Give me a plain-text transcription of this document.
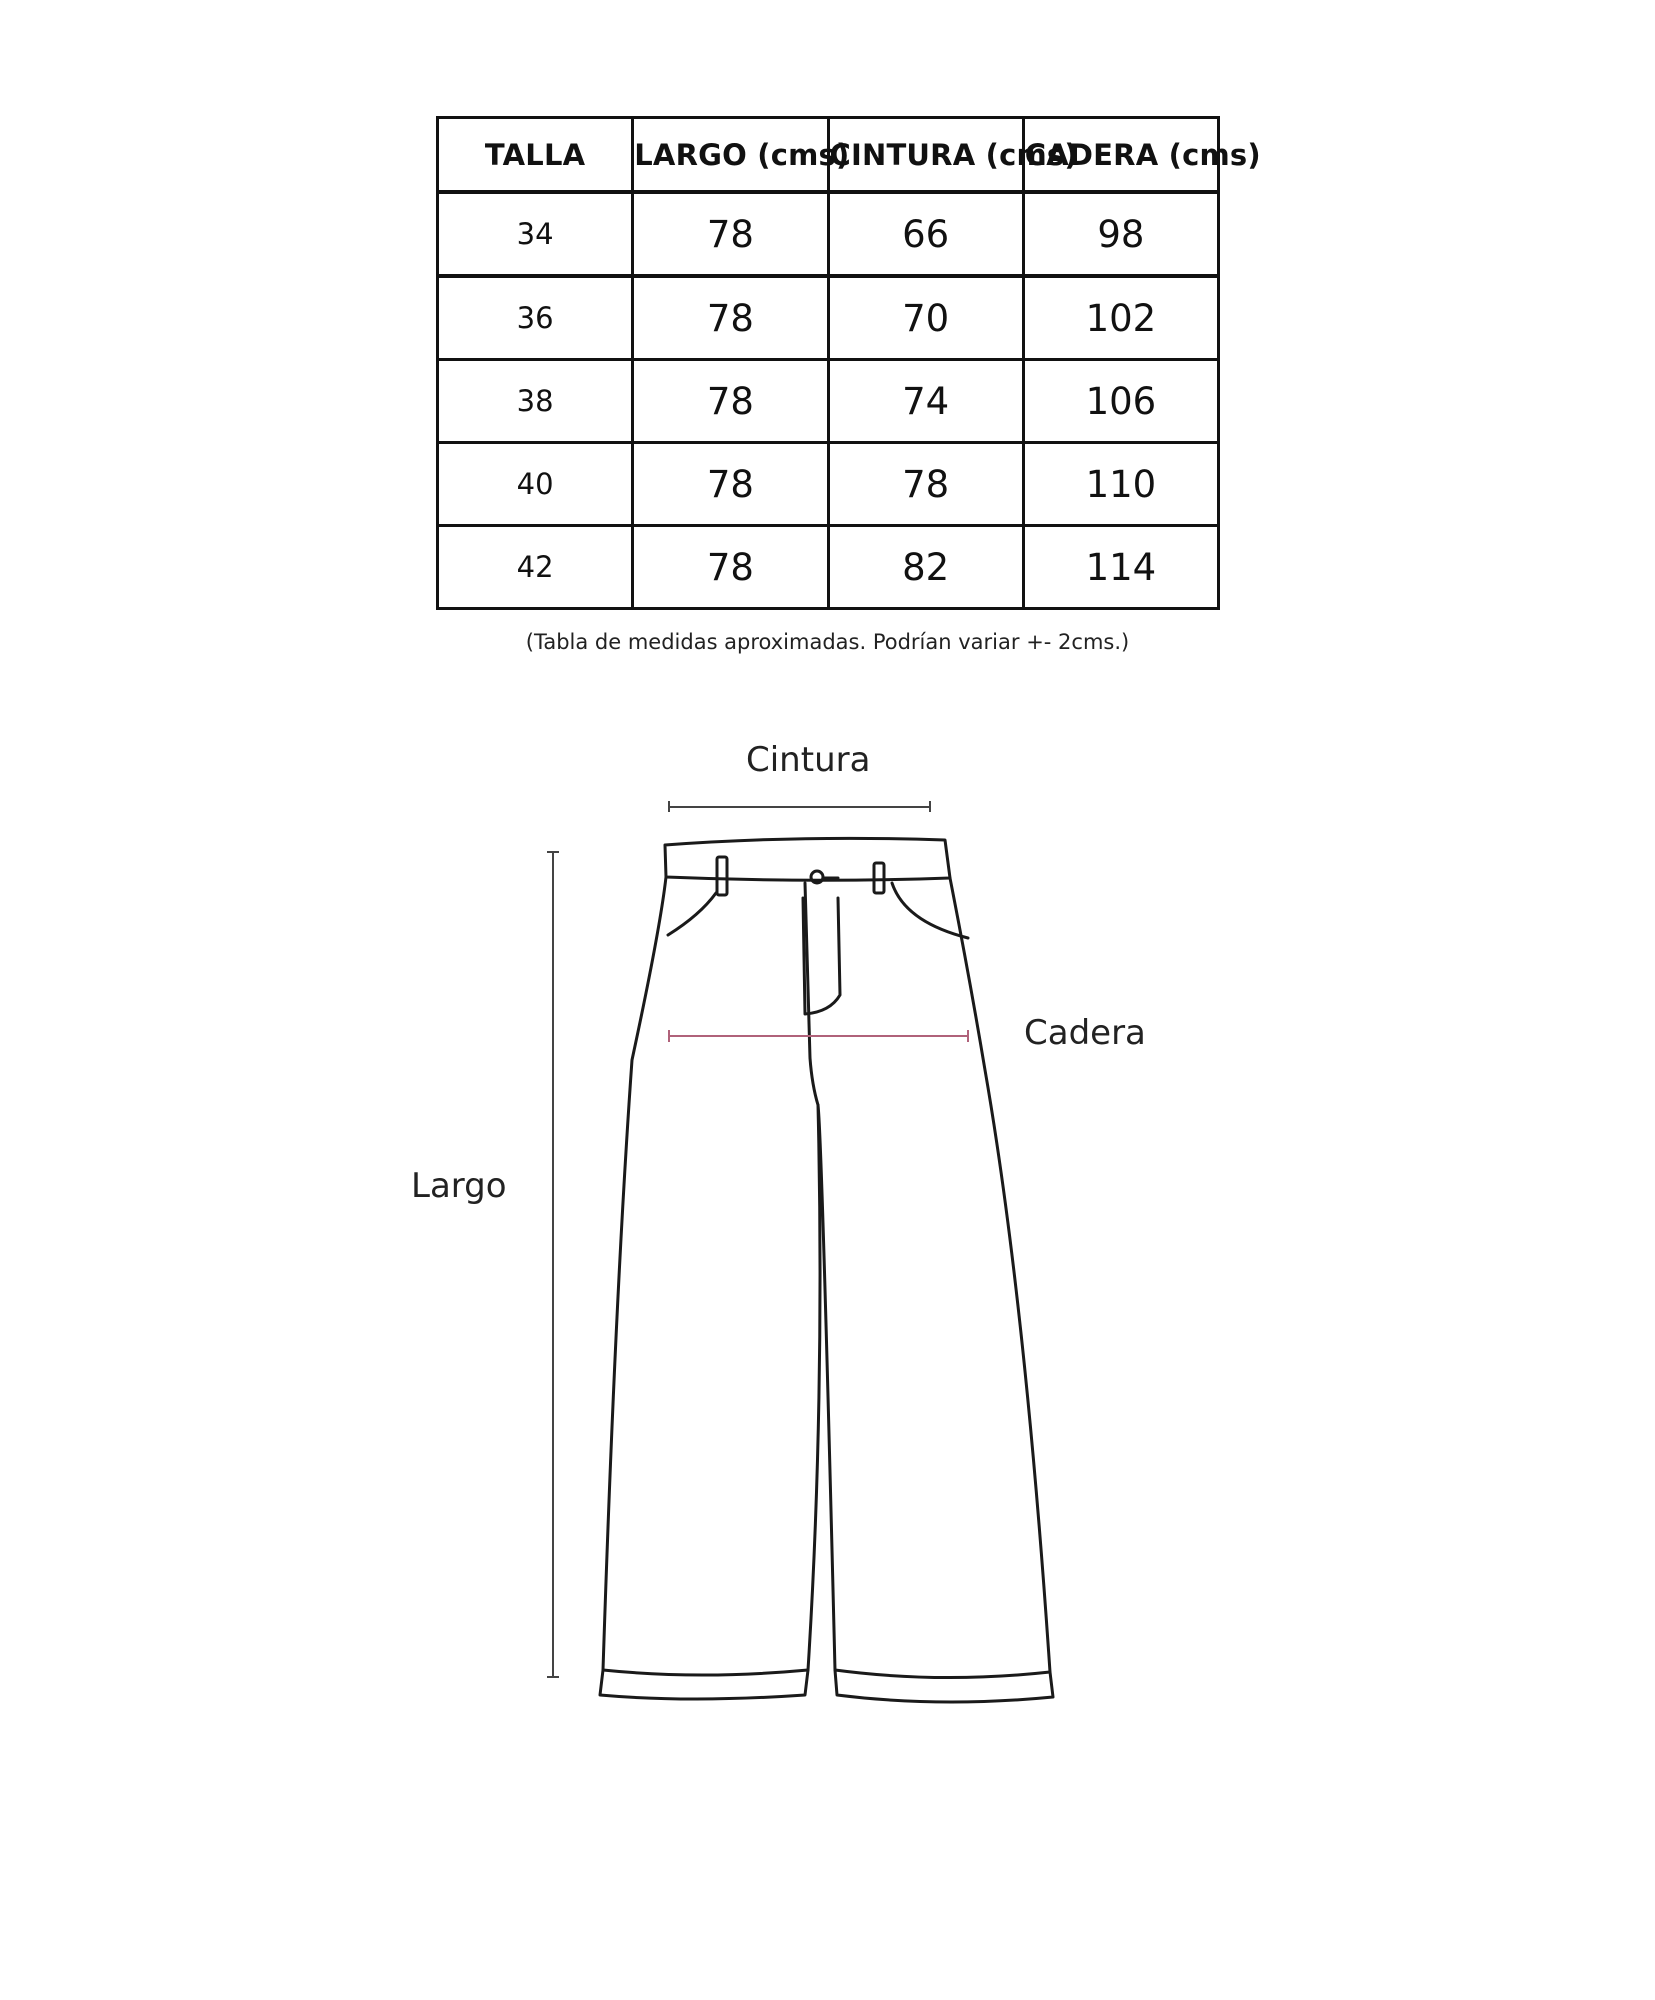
TALLA	LARGO (cms)	CINTURA (cms)	CADERA (cms)
34	78	66	98
36	78	70	102
38	78	74	106
40	78	78	110
42	78	82	114
(Tabla de medidas aproximadas. Podrían variar +- 2cms.)
Cintura
Cadera
Largo
